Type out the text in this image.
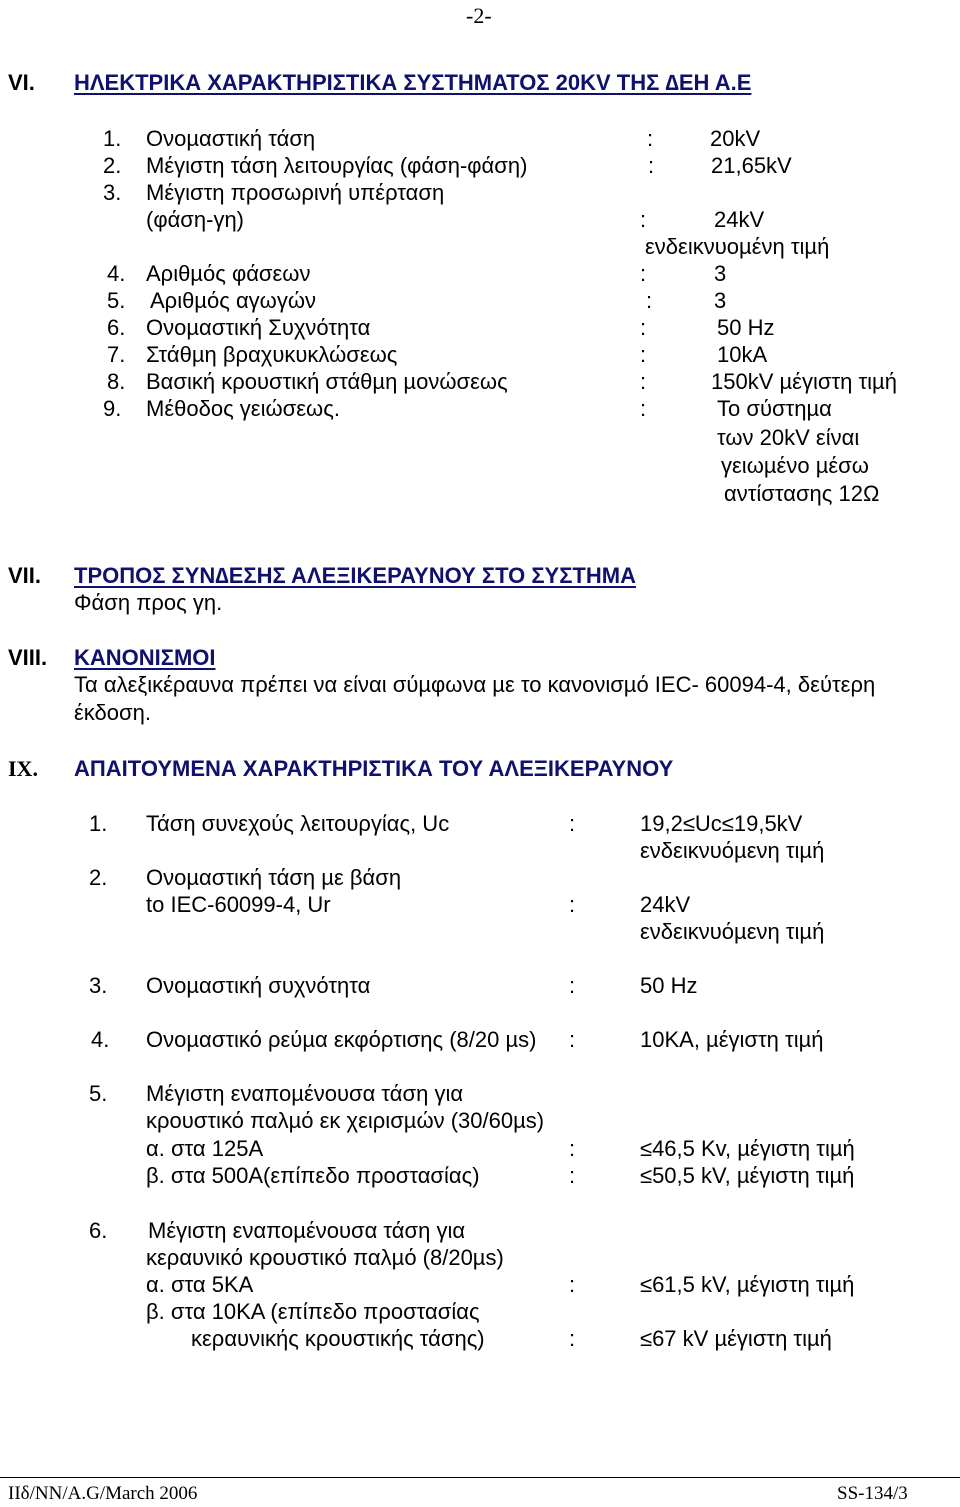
-2-
VI. ΗΛΕΚΤΡΙΚΑ ΧΑΡΑΚΤΗΡΙΣΤΙΚΑ ΣΥΣΤΗΜΑΤΟΣ 20KV ΤΗΣ ∆ΕΗ Α.Ε
1. Ονοµαστική τάση	:	20kV
2. Μέγιστη τάση λειτουργίας (φάση-φάση)	:	21,65kV
3. Μέγιστη προσωρινή υπέρταση
(φάση-γη)	:	24kV
ενδεικνυοµένη τιµή
4. Αριθµός φάσεων	:	3
5. Αριθµός αγωγών	:	3
6. Ονοµαστική Συχνότητα	:	50 Hz
7. Στάθµη βραχυκυκλώσεως	:	10kA
8. Βασική κρουστική στάθµη µονώσεως	:	150kV µέγιστη τιµή
9. Μέθοδος γειώσεως.	:	Το σύστηµα
των 20kV είναι
γειωµένο µέσω
αντίστασης 12Ω
VII. ΤΡΟΠΟΣ ΣΥΝ∆ΕΣΗΣ ΑΛΕΞΙΚΕΡΑΥΝΟΥ ΣΤΟ ΣΥΣΤΗΜΑ
Φάση προς γη.
VIII. ΚΑΝΟΝΙΣΜΟΙ
Τα αλεξικέραυνα πρέπει να είναι σύµφωνα µε το κανονισµό IEC- 60094-4, δεύτερη
έκδοση.
IX. ΑΠΑΙΤΟΥΜΕΝΑ ΧΑΡΑΚΤΗΡΙΣΤΙΚΑ ΤΟΥ ΑΛΕΞΙΚΕΡΑΥΝΟΥ
1. Τάση συνεχούς λειτουργίας, Uc	:	19,2≤Uc≤19,5kV
ενδεικνυόµενη τιµή
2. Ονοµαστική τάση µε βάση
to IEC-60099-4, Ur	:	24kV
ενδεικνυόµενη τιµή
3. Ονοµαστική συχνότητα	:	50 Hz
4. Ονοµαστικό ρεύµα εκφόρτισης (8/20 µs) :	10KA, µέγιστη τιµή
5. Μέγιστη εναποµένουσα τάση για
κρουστικό παλµό εκ χειρισµών (30/60µs)
α. στα 125A	:	≤46,5 Kv, µέγιστη τιµή
β. στα 500A(επίπεδο προστασίας)	:	≤50,5 kV, µέγιστη τιµή
6. Μέγιστη εναποµένουσα τάση για
κεραυνικό κρουστικό παλµό (8/20µs)
α. στα 5KA	:	≤61,5 kV, µέγιστη τιµή
β. στα 10KA (επίπεδο προστασίας
κεραυνικής κρουστικής τάσης)	:	≤67 kV µέγιστη τιµή
ΙΙδ/ΝΝ/Α.G/March 2006	SS-134/3
